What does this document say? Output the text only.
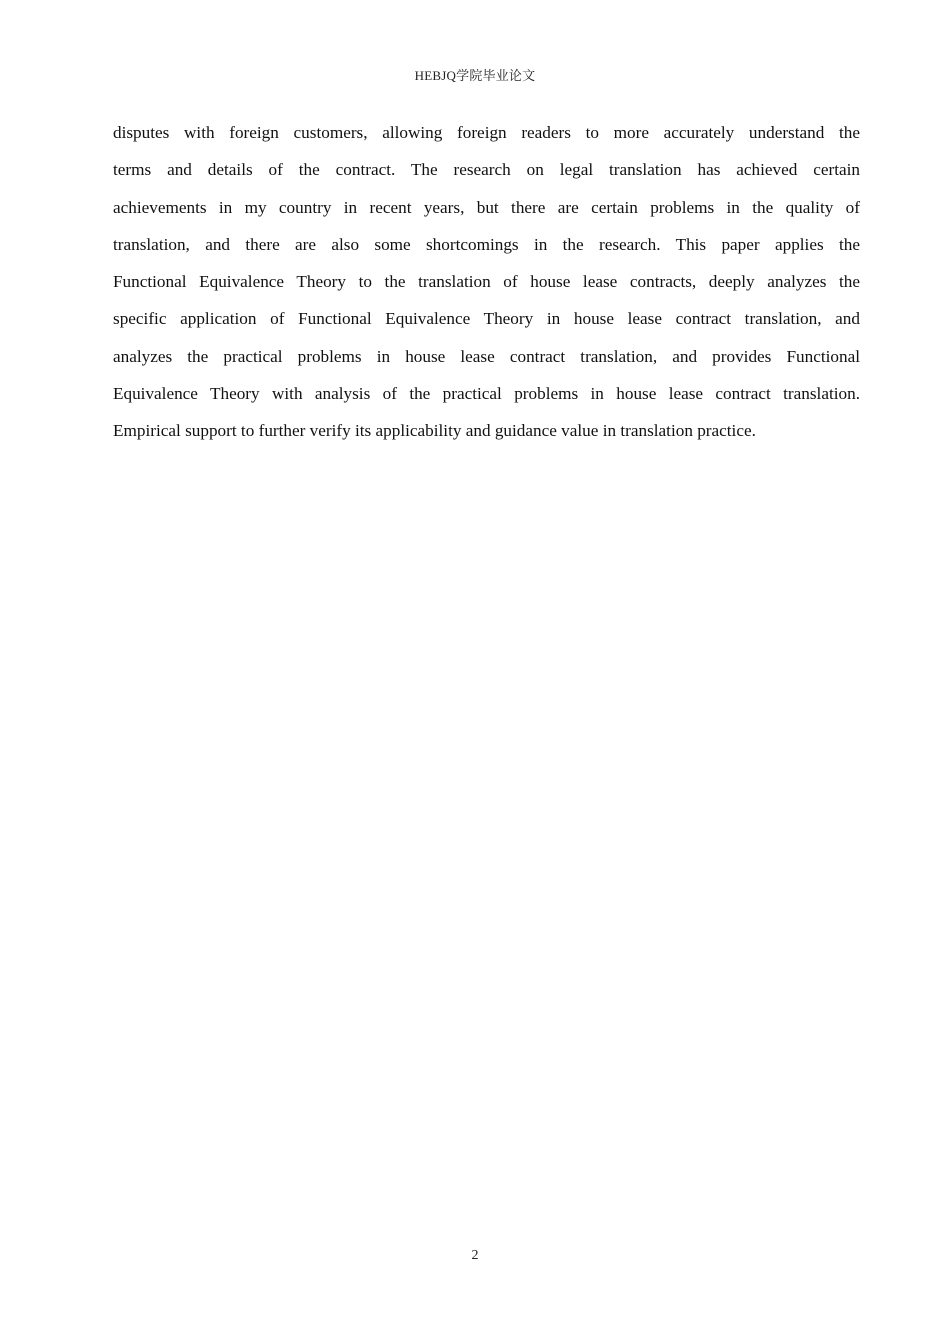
HEBJQ学院毕业论文
disputes with foreign customers, allowing foreign readers to more accurately understand the
terms and details of the contract. The research on legal translation has achieved certain
achievements in my country in recent years, but there are certain problems in the quality of
translation, and there are also some shortcomings in the research. This paper applies the
Functional Equivalence Theory to the translation of house lease contracts, deeply analyzes the
specific application of Functional Equivalence Theory in house lease contract translation, and
analyzes the practical problems in house lease contract translation, and provides Functional
Equivalence Theory with analysis of the practical problems in house lease contract translation.
Empirical support to further verify its applicability and guidance value in translation practice.
2
